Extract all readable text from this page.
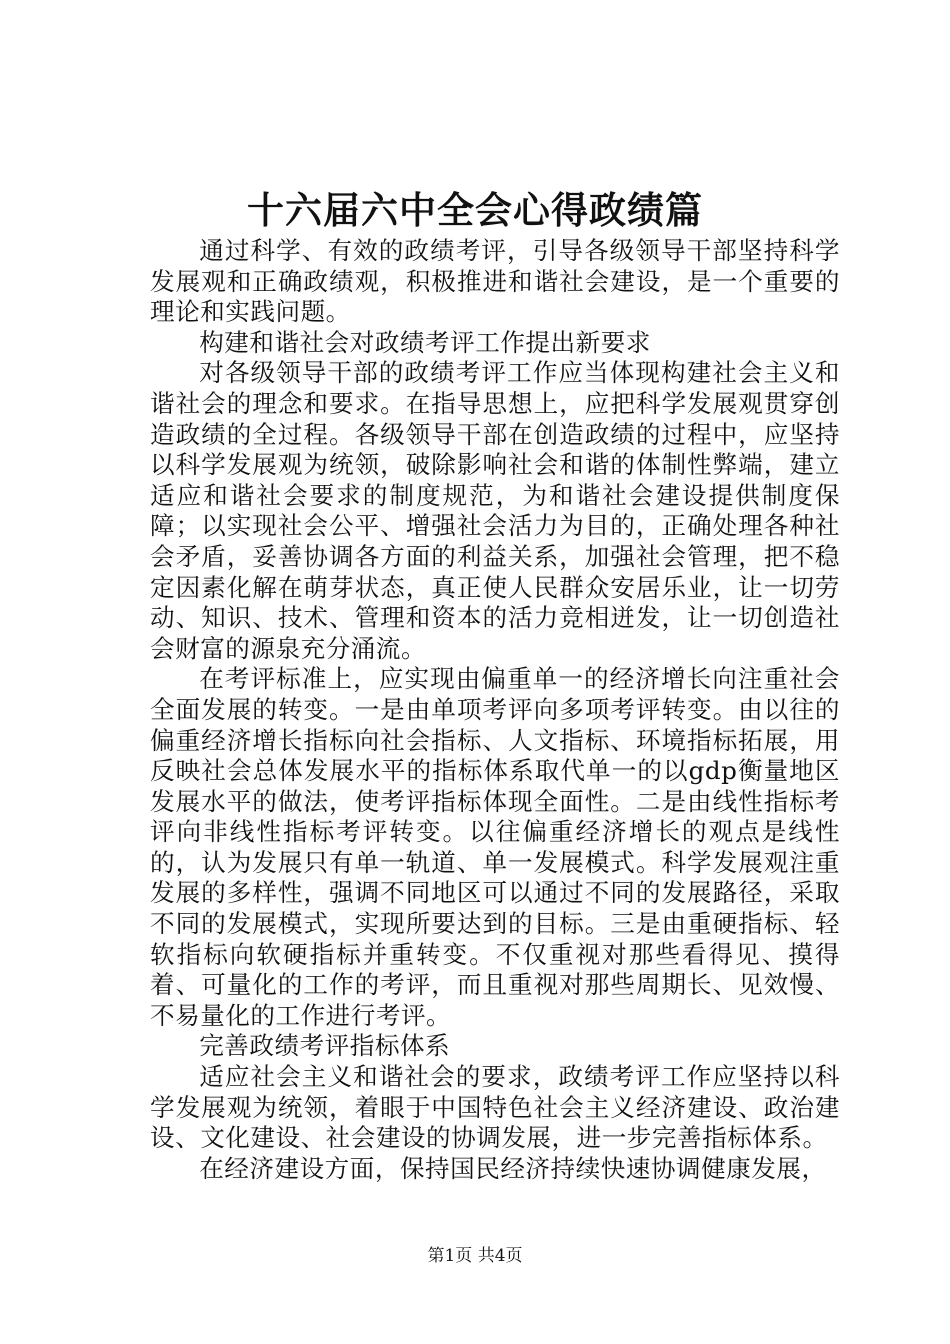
十六届六中全会心得政绩篇

通过科学、有效的政绩考评，引导各级领导干部坚持科学发展观和正确政绩观，积极推进和谐社会建设，是一个重要的理论和实践问题。

构建和谐社会对政绩考评工作提出新要求

对各级领导干部的政绩考评工作应当体现构建社会主义和谐社会的理念和要求。在指导思想上，应把科学发展观贯穿创造政绩的全过程。各级领导干部在创造政绩的过程中，应坚持以科学发展观为统领，破除影响社会和谐的体制性弊端，建立适应和谐社会要求的制度规范，为和谐社会建设提供制度保障；以实现社会公平、增强社会活力为目的，正确处理各种社会矛盾，妥善协调各方面的利益关系，加强社会管理，把不稳定因素化解在萌芽状态，真正使人民群众安居乐业，让一切劳动、知识、技术、管理和资本的活力竞相迸发，让一切创造社会财富的源泉充分涌流。

在考评标准上，应实现由偏重单一的经济增长向注重社会全面发展的转变。一是由单项考评向多项考评转变。由以往的偏重经济增长指标向社会指标、人文指标、环境指标拓展，用反映社会总体发展水平的指标体系取代单一的以gdp衡量地区发展水平的做法，使考评指标体现全面性。二是由线性指标考评向非线性指标考评转变。以往偏重经济增长的观点是线性的，认为发展只有单一轨道、单一发展模式。科学发展观注重发展的多样性，强调不同地区可以通过不同的发展路径，采取不同的发展模式，实现所要达到的目标。三是由重硬指标、轻软指标向软硬指标并重转变。不仅重视对那些看得见、摸得着、可量化的工作的考评，而且重视对那些周期长、见效慢、不易量化的工作进行考评。

完善政绩考评指标体系

适应社会主义和谐社会的要求，政绩考评工作应坚持以科学发展观为统领，着眼于中国特色社会主义经济建设、政治建设、文化建设、社会建设的协调发展，进一步完善指标体系。

在经济建设方面，保持国民经济持续快速协调健康发展，

第1页 共4页
